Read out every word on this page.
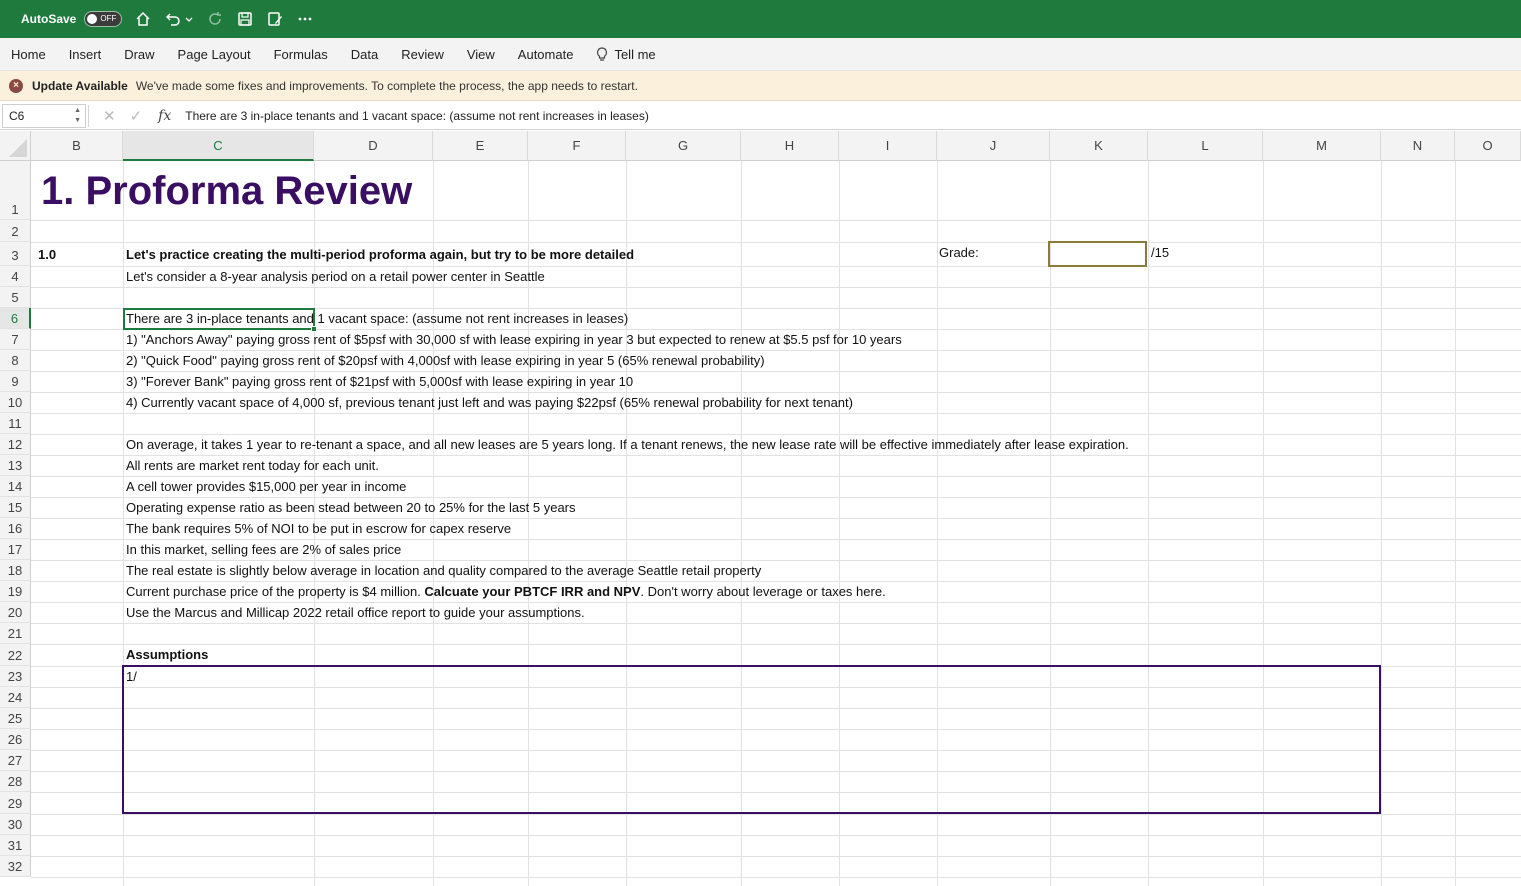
AutoSave	OFF
Home Insert Draw Page Layout Formulas Data Review View Automate	Tell me
×	Update Available We've made some fixes and improvements. To complete the process, the app needs to restart.
C6	▲
▼ ✕ ✓ fx There are 3 in-place tenants and 1 vacant space: (assume not rent increases in leases)
B	C	D	E	F	G	H	I	J	K	L	M	N	O
1
2
3
4
5
6
7
8
9
10
11
12
13
14
15
16
17
18
19
20
21
22
23
24
25
26
27
28
29
30
31
32
1. Proforma Review
1.0	Let's practice creating the multi-period proforma again, but try to be more detailed	Grade:	/15
Let's consider a 8-year analysis period on a retail power center in Seattle
There are 3 in-place tenants and 1 vacant space: (assume not rent increases in leases)
1) "Anchors Away" paying gross rent of $5psf with 30,000 sf with lease expiring in year 3 but expected to renew at $5.5 psf for 10 years
2) "Quick Food" paying gross rent of $20psf with 4,000sf with lease expiring in year 5 (65% renewal probability)
3) "Forever Bank" paying gross rent of $21psf with 5,000sf with lease expiring in year 10
4) Currently vacant space of 4,000 sf, previous tenant just left and was paying $22psf (65% renewal probability for next tenant)
On average, it takes 1 year to re-tenant a space, and all new leases are 5 years long. If a tenant renews, the new lease rate will be effective immediately after lease expiration.
All rents are market rent today for each unit.
A cell tower provides $15,000 per year in income
Operating expense ratio as been stead between 20 to 25% for the last 5 years
The bank requires 5% of NOI to be put in escrow for capex reserve
In this market, selling fees are 2% of sales price
The real estate is slightly below average in location and quality compared to the average Seattle retail property
Current purchase price of the property is $4 million. Calcuate your PBTCF IRR and NPV. Don't worry about leverage or taxes here.
Use the Marcus and Millicap 2022 retail office report to guide your assumptions.
Assumptions
1/
